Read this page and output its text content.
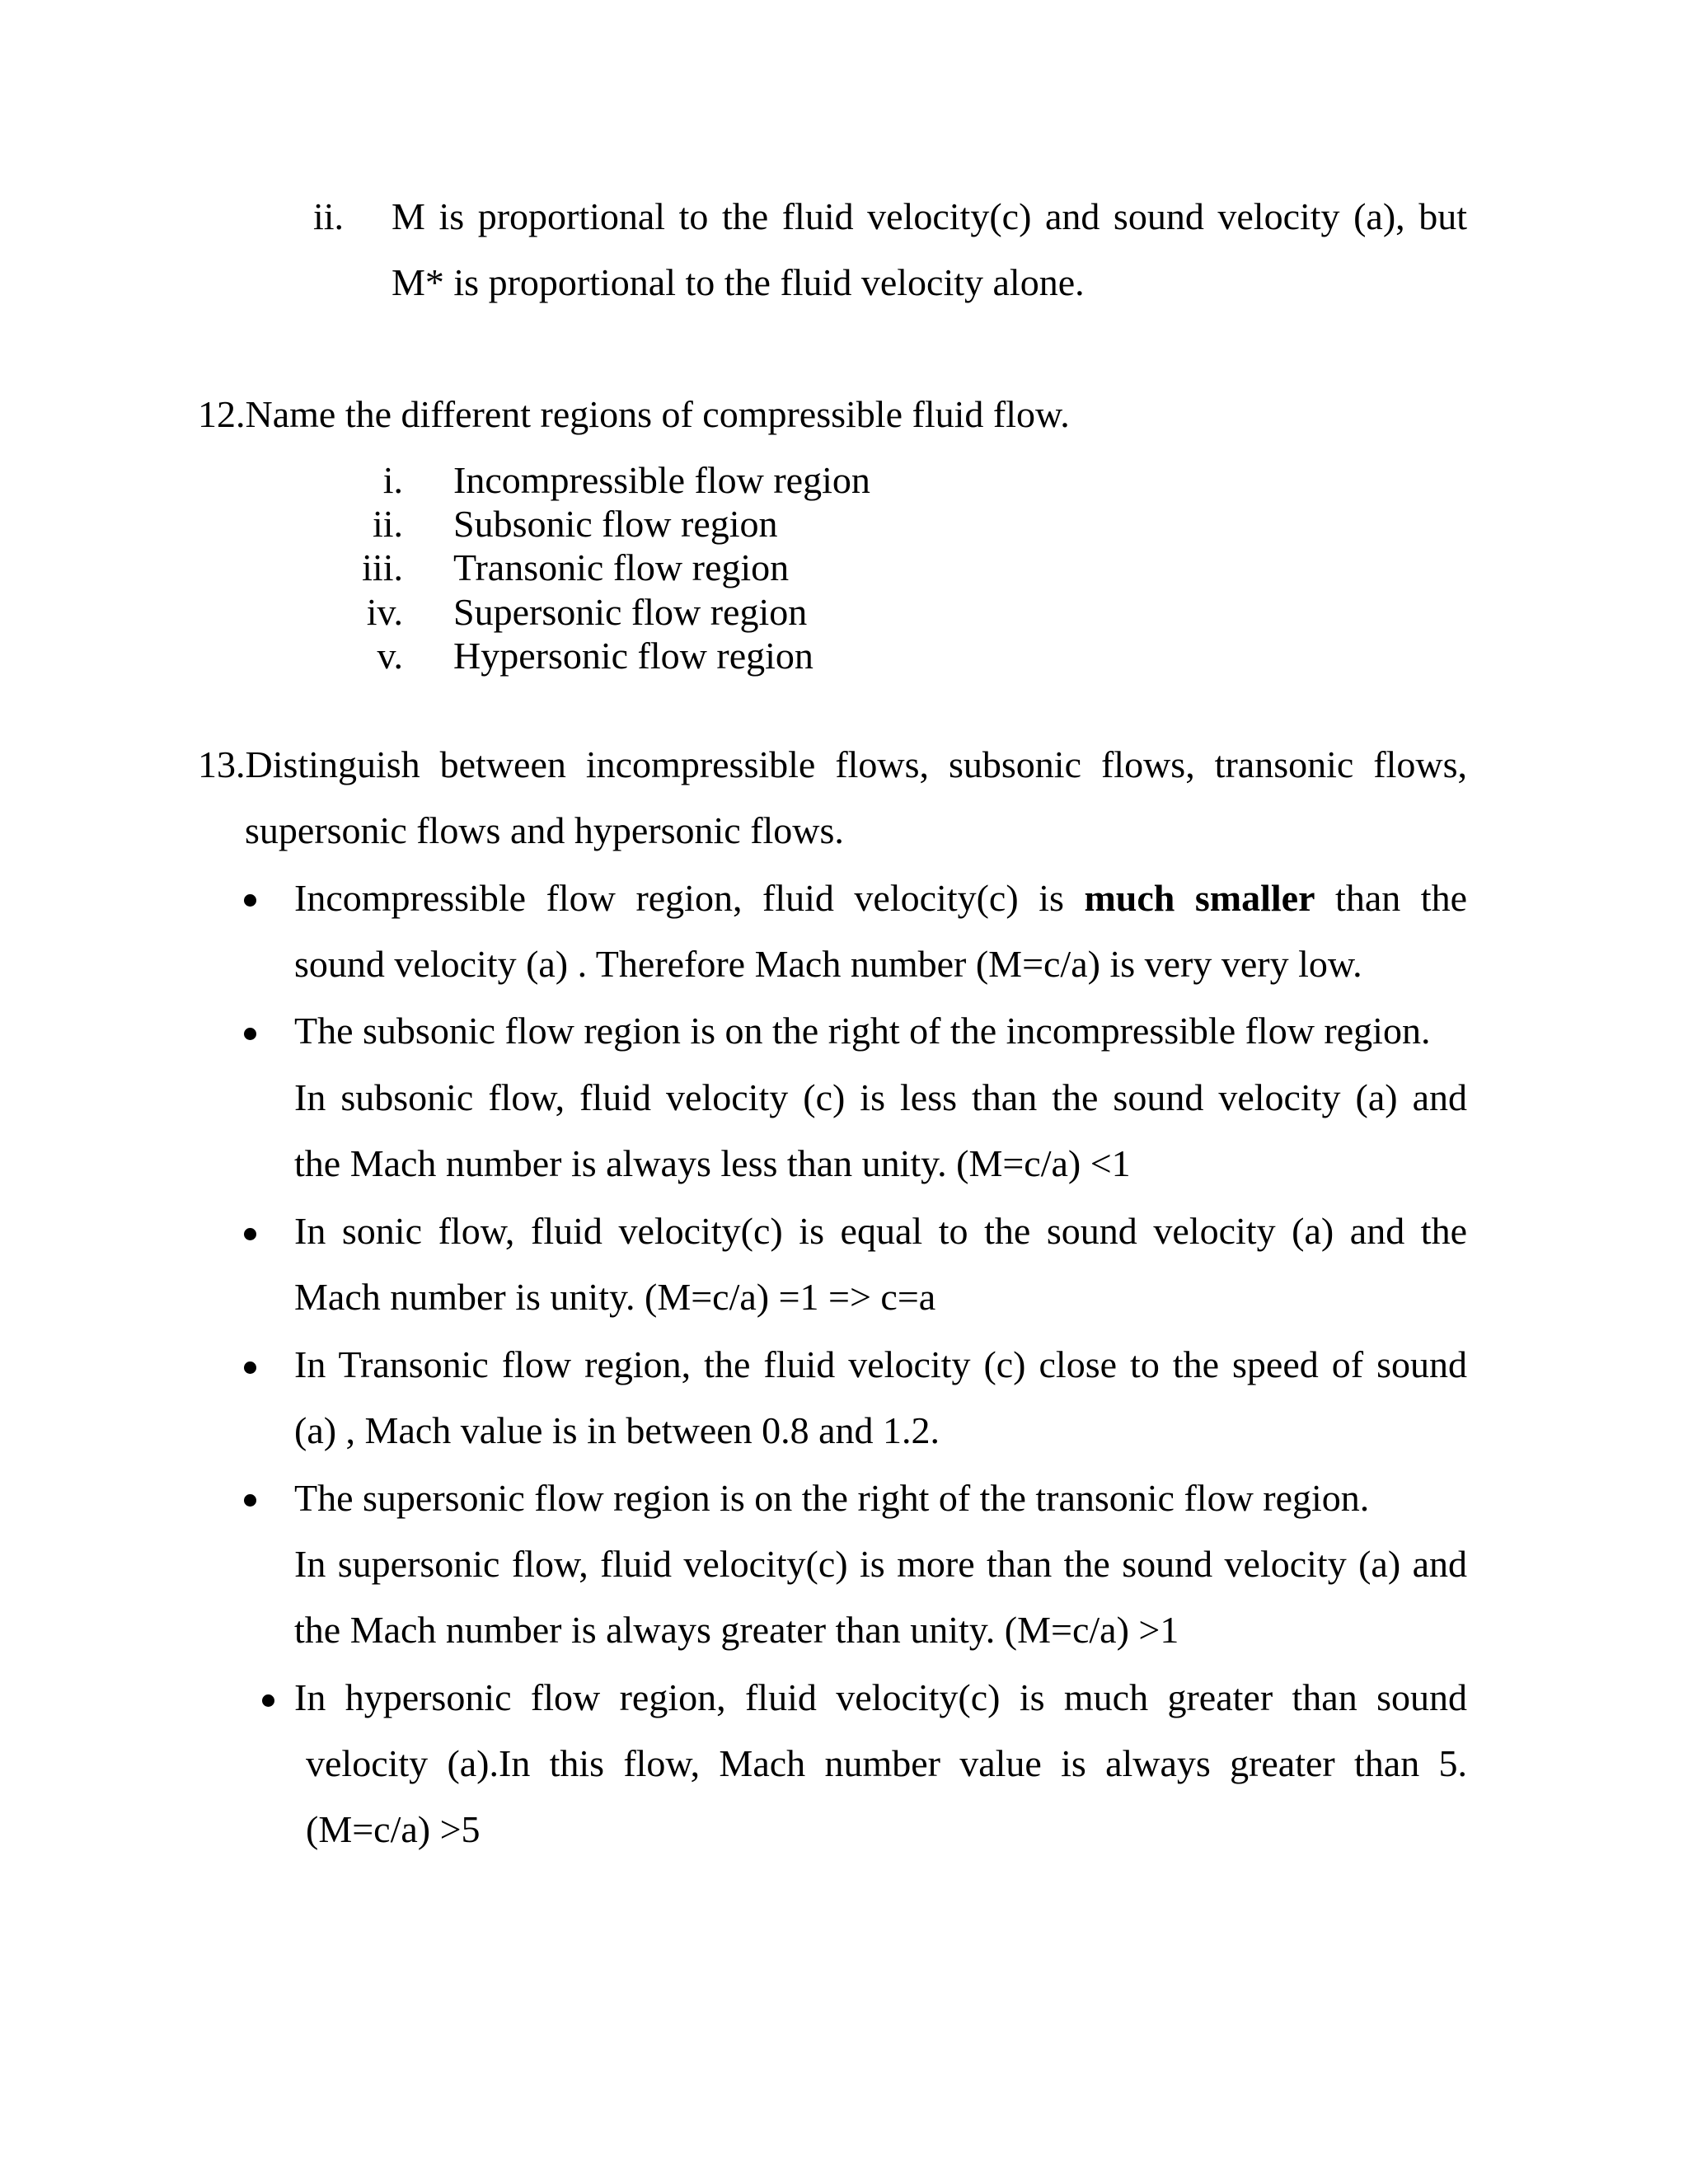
ii. M is proportional to the fluid velocity(c) and sound velocity (a), but
M* is proportional to the fluid velocity alone.
12.Name the different regions of compressible fluid flow.
i. Incompressible flow region
ii. Subsonic flow region
iii. Transonic flow region
iv. Supersonic flow region
v. Hypersonic flow region
13.Distinguish between incompressible flows, subsonic flows, transonic flows,
supersonic flows and hypersonic flows.
Incompressible flow region, fluid velocity(c) is much smaller than the
sound velocity (a) . Therefore Mach number (M=c/a) is very very low.
The subsonic flow region is on the right of the incompressible flow region.
In subsonic flow, fluid velocity (c) is less than the sound velocity (a) and
the Mach number is always less than unity. (M=c/a) <1
In sonic flow, fluid velocity(c) is equal to the sound velocity (a) and the
Mach number is unity. (M=c/a) =1 => c=a
In Transonic flow region, the fluid velocity (c) close to the speed of sound
(a) , Mach value is in between 0.8 and 1.2.
The supersonic flow region is on the right of the transonic flow region.
In supersonic flow, fluid velocity(c) is more than the sound velocity (a) and
the Mach number is always greater than unity. (M=c/a) >1
In hypersonic flow region, fluid velocity(c) is much greater than sound
velocity (a).In this flow, Mach number value is always greater than 5.
(M=c/a) >5
